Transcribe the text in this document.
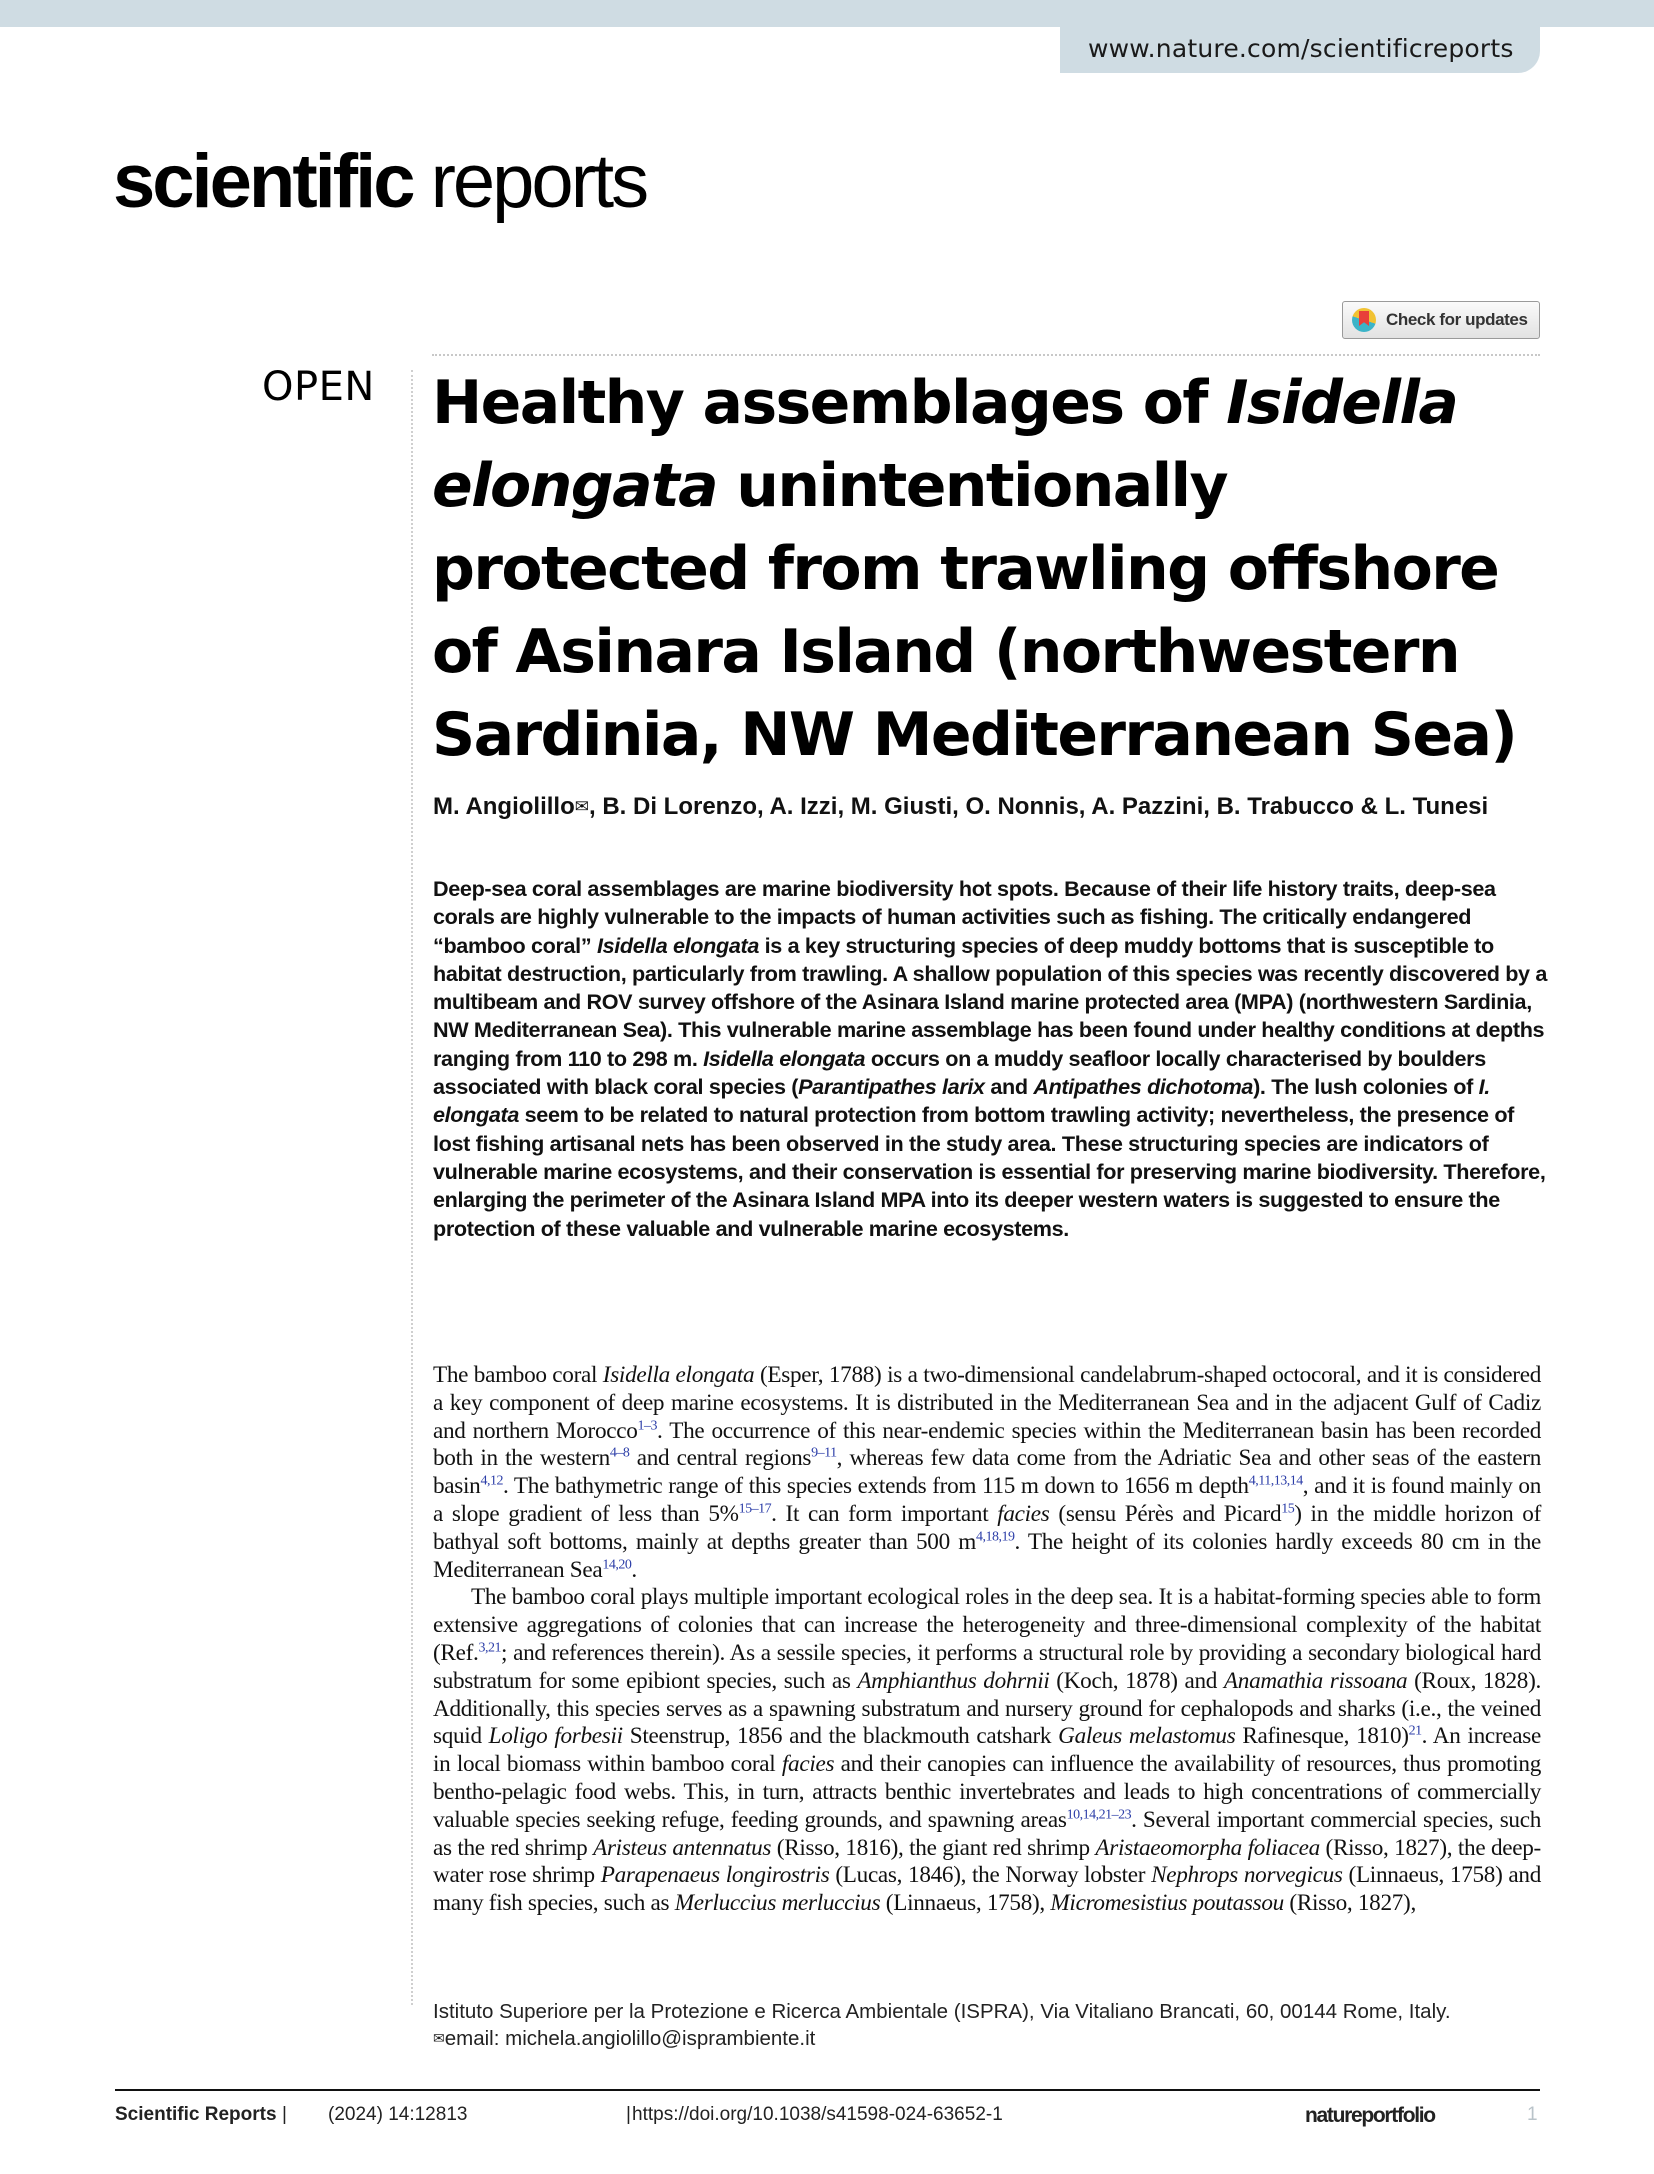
www.nature.com/scientificreports
scientific reports
Check for updates
OPEN Healthy assemblages of Isidella
elongata unintentionally protected from trawling offshore of Asinara Island (northwestern Sardinia, NW Mediterranean Sea)
M. Angiolillo✉, B. Di Lorenzo, A. Izzi, M. Giusti, O. Nonnis, A. Pazzini, B. Trabucco & L. Tunesi

Deep-sea coral assemblages are marine biodiversity hot spots. Because of their life history traits, deep-sea corals are highly vulnerable to the impacts of human activities such as fishing. The critically endangered “bamboo coral” Isidella elongata is a key structuring species of deep muddy bottoms that is susceptible to habitat destruction, particularly from trawling. A shallow population of this species was recently discovered by a multibeam and ROV survey offshore of the Asinara Island marine protected area (MPA) (northwestern Sardinia, NW Mediterranean Sea). This vulnerable marine assemblage has been found under healthy conditions at depths ranging from 110 to 298 m. Isidella elongata occurs on a muddy seafloor locally characterised by boulders associated with black coral species (Parantipathes larix and Antipathes dichotoma). The lush colonies of I. elongata seem to be related to natural protection from bottom trawling activity; nevertheless, the presence of lost fishing artisanal nets has been observed in the study area. These structuring species are indicators of vulnerable marine ecosystems, and their conservation is essential for preserving marine biodiversity. Therefore, enlarging the perimeter of the Asinara Island MPA into its deeper western waters is suggested to ensure the protection of these valuable and vulnerable marine ecosystems.

The bamboo coral Isidella elongata (Esper, 1788) is a two-dimensional candelabrum-shaped octocoral, and it is considered a key component of deep marine ecosystems. It is distributed in the Mediterranean Sea and in the adjacent Gulf of Cadiz and northern Morocco$^{1-3}$. The occurrence of this near-endemic species within the Mediterranean basin has been recorded both in the western$^{4-8}$ and central regions$^{9-11}$, whereas few data come from the Adriatic Sea and other seas of the eastern basin$^{4,12}$. The bathymetric range of this species extends from 115 m down to 1656 m depth$^{4,11,13,14}$, and it is found mainly on a slope gradient of less than 5%$^{15-17}$. It can form important facies (sensu Pérès and Picard$^{15}$) in the middle horizon of bathyal soft bottoms, mainly at depths greater than 500 $m^{4,18,19}$. The height of its colonies hardly exceeds 80 cm in the Mediterranean Sea$^{14,20}$.

The bamboo coral plays multiple important ecological roles in the deep sea. It is a habitat-forming species able to form extensive aggregations of colonies that can increase the heterogeneity and three-dimensional complexity of the habitat (Ref.$^{3,21}$; and references therein). As a sessile species, it performs a structural role by providing a secondary biological hard substratum for some epibiont species, such as Amphianthus dohrnii (Koch, 1878) and Anamathia rissoana (Roux, 1828). Additionally, this species serves as a spawning substratum and nursery ground for cephalopods and sharks (i.e., the veined squid Loligo forbesii Steenstrup, 1856 and the blackmouth catshark Galeus melastomus Rafinesque, 1810)$^{21}$. An increase in local biomass within bamboo coral facies and their canopies can influence the availability of resources, thus promoting bentho-pelagic food webs. This, in turn, attracts benthic invertebrates and leads to high concentrations of commercially valuable species seeking refuge, feeding grounds, and spawning areas$^{10,14,21-23}$. Several important commercial species, such as the red shrimp Aristeus antennatus (Risso, 1816), the giant red shrimp Aristaeomorpha foliacea (Risso, 1827), the deep-water rose shrimp Parapenaeus longirostris (Lucas, 1846), the Norway lobster Nephrops norvegicus (Linnaeus, 1758) and many fish species, such as Merluccius merluccius (Linnaeus, 1758), Micromesistius poutassou (Risso, 1827),

Istituto Superiore per la Protezione e Ricerca Ambientale (ISPRA), Via Vitaliano Brancati, 60, 00144 Rome, Italy.
✉email: michela.angiolillo@isprambiente.it
Scientific Reports | (2024) 14:12813	| https://doi.org/10.1038/s41598-024-63652-1	natureportfolio	1
